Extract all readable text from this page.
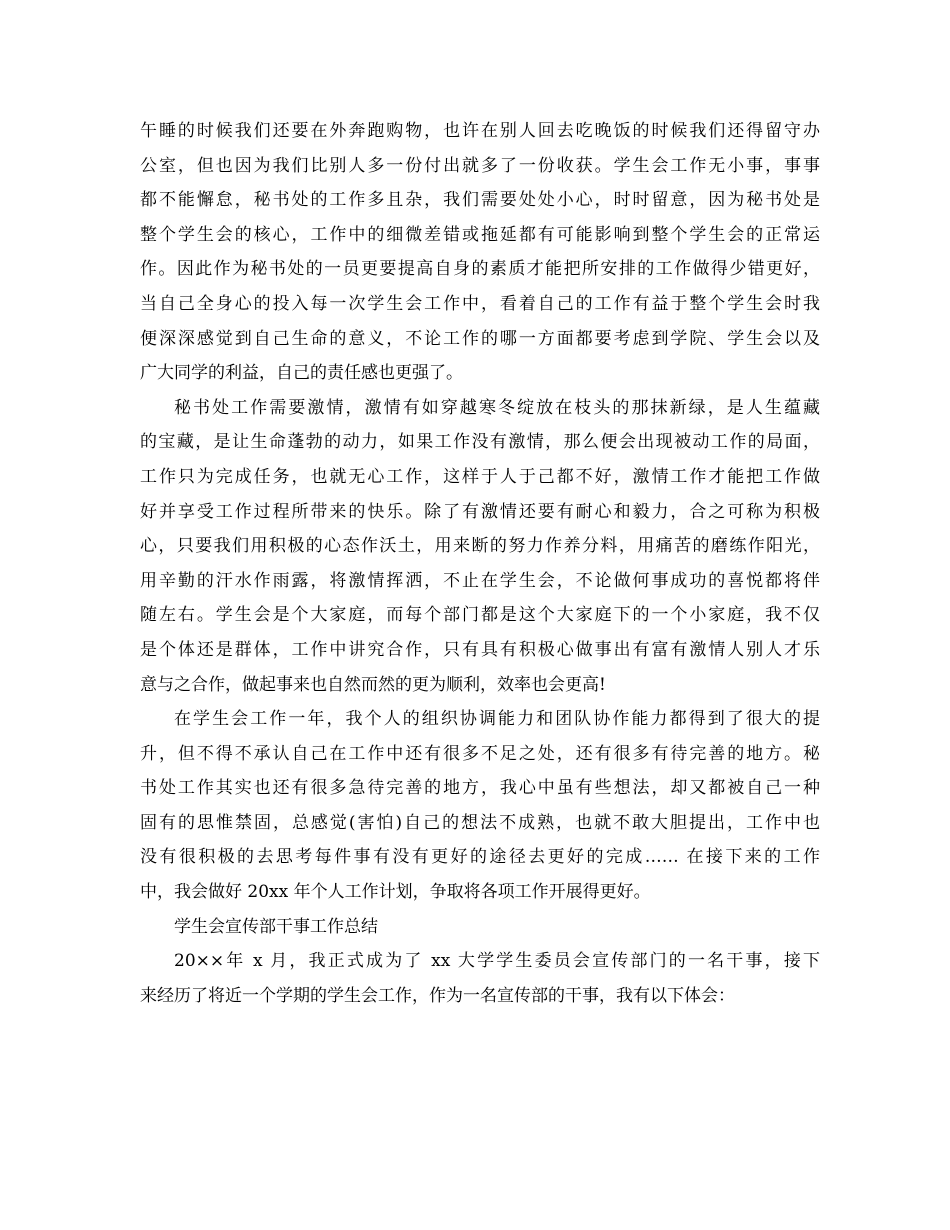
午睡的时候我们还要在外奔跑购物，也许在别人回去吃晚饭的时候我们还得留守办
公室，但也因为我们比别人多一份付出就多了一份收获。学生会工作无小事，事事
都不能懈怠，秘书处的工作多且杂，我们需要处处小心，时时留意，因为秘书处是
整个学生会的核心，工作中的细微差错或拖延都有可能影响到整个学生会的正常运
作。因此作为秘书处的一员更要提高自身的素质才能把所安排的工作做得少错更好，
当自己全身心的投入每一次学生会工作中，看着自己的工作有益于整个学生会时我
便深深感觉到自己生命的意义，不论工作的哪一方面都要考虑到学院、学生会以及
广大同学的利益，自己的责任感也更强了。
秘书处工作需要激情，激情有如穿越寒冬绽放在枝头的那抹新绿，是人生蕴藏
的宝藏，是让生命蓬勃的动力，如果工作没有激情，那么便会出现被动工作的局面，
工作只为完成任务，也就无心工作，这样于人于己都不好，激情工作才能把工作做
好并享受工作过程所带来的快乐。除了有激情还要有耐心和毅力，合之可称为积极
心，只要我们用积极的心态作沃土，用来断的努力作养分料，用痛苦的磨练作阳光，
用辛勤的汗水作雨露，将激情挥洒，不止在学生会，不论做何事成功的喜悦都将伴
随左右。学生会是个大家庭，而每个部门都是这个大家庭下的一个小家庭，我不仅
是个体还是群体，工作中讲究合作，只有具有积极心做事出有富有激情人别人才乐
意与之合作，做起事来也自然而然的更为顺利，效率也会更高!
在学生会工作一年，我个人的组织协调能力和团队协作能力都得到了很大的提
升，但不得不承认自己在工作中还有很多不足之处，还有很多有待完善的地方。秘
书处工作其实也还有很多急待完善的地方，我心中虽有些想法，却又都被自己一种
固有的思惟禁固，总感觉(害怕)自己的想法不成熟，也就不敢大胆提出，工作中也
没有很积极的去思考每件事有没有更好的途径去更好的完成…… 在接下来的工作
中，我会做好 20xx 年个人工作计划，争取将各项工作开展得更好。
学生会宣传部干事工作总结
20××年 x 月，我正式成为了 xx 大学学生委员会宣传部门的一名干事，接下
来经历了将近一个学期的学生会工作，作为一名宣传部的干事，我有以下体会：
